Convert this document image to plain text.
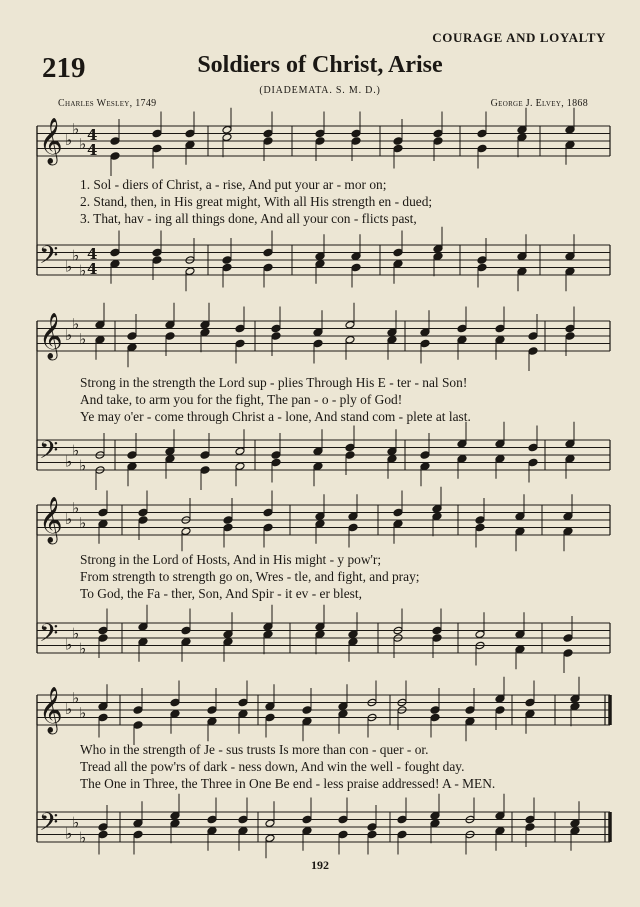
COURAGE AND LOYALTY
219	Soldiers of Christ, Arise
(DIADEMATA. S. M. D.)
Charles Wesley, 1749	George J. Elvey, 1868
𝄞 ♭
♭
♭ 4
4
𝄢 ♭
♭
♭
4
4
𝄞 ♭
♭
♭
𝄢 ♭
♭
♭
𝄞 ♭
♭
♭
𝄢 ♭
♭
♭
𝄞 ♭
♭
♭
𝄢 ♭
♭
♭
1. Sol - diers of Christ, a - rise, And put your ar - mor on;
2. Stand, then, in His great might, With all His strength en - dued;
3. That, hav - ing all things done, And all your con - flicts past,
Strong in the strength the Lord sup - plies Through His E - ter - nal Son!
And take, to arm you for the fight, The pan - o - ply of God!
Ye may o'er - come through Christ a - lone, And stand com - plete at last.
Strong in the Lord of Hosts, And in His might - y pow'r;
From strength to strength go on, Wres - tle, and fight, and pray;
To God, the Fa - ther, Son, And Spir - it ev - er blest,
Who in the strength of Je - sus trusts Is more than con - quer - or.
Tread all the pow'rs of dark - ness down, And win the well - fought day.
The One in Three, the Three in One Be end - less praise addressed! A - MEN.
192
